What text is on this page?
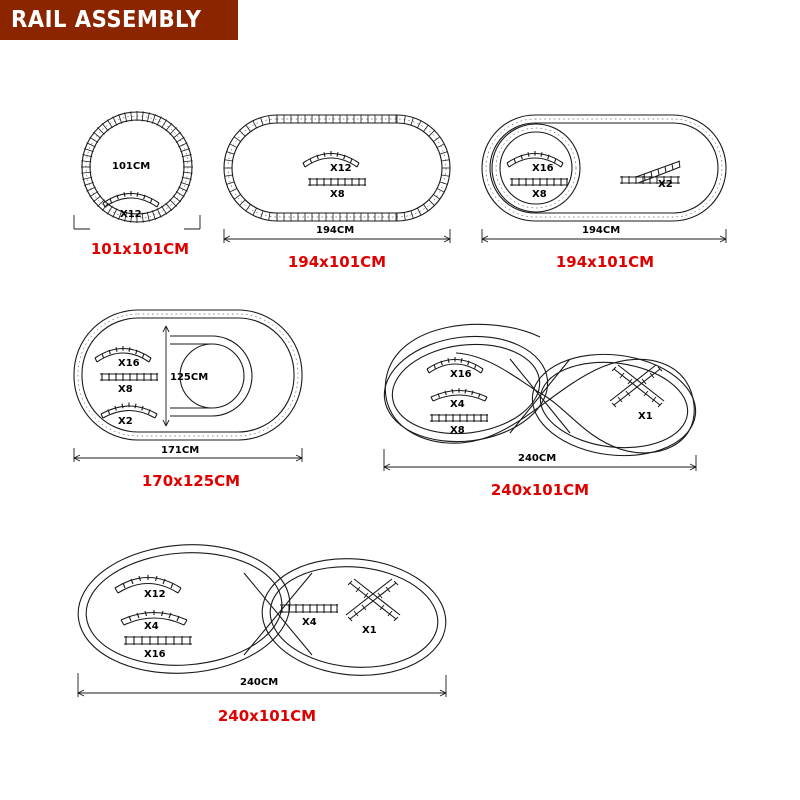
RAIL ASSEMBLY
101CM
X12
101x101CM
194CM
X12
X8
194x101CM
194CM
X16
X8
X2
194x101CM

125CM
171CM
X16
X8
X2
170x125CM
240CM
X16
X4
X8
X1
240x101CM
240CM
X12
X4
X16
X4
X1
240x101CM
